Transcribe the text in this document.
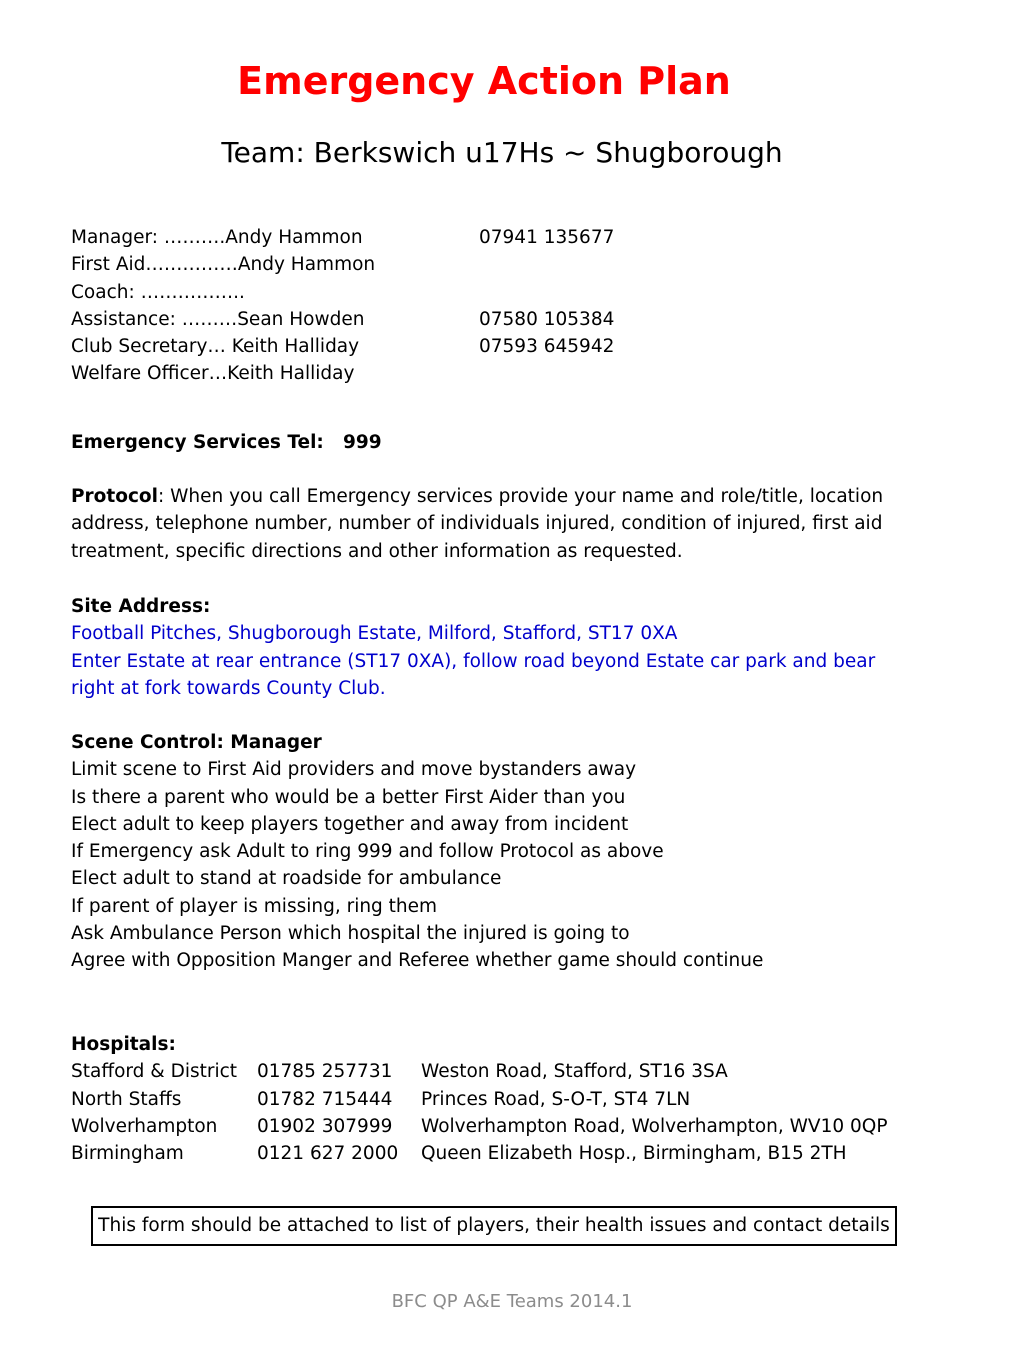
Emergency Action Plan
Team: Berkswich u17Hs ~ Shugborough
Manager: ……….Andy Hammon	07941 135677
First Aid……………Andy Hammon
Coach: ……………..
Assistance: ………Sean Howden	07580 105384
Club Secretary… Keith Halliday	07593 645942
Welfare Officer…Keith Halliday
Emergency Services Tel: 999
Protocol: When you call Emergency services provide your name and role/title, location
address, telephone number, number of individuals injured, condition of injured, first aid
treatment, specific directions and other information as requested.
Site Address:
Football Pitches, Shugborough Estate, Milford, Stafford, ST17 0XA
Enter Estate at rear entrance (ST17 0XA), follow road beyond Estate car park and bear
right at fork towards County Club.
Scene Control: Manager
Limit scene to First Aid providers and move bystanders away
Is there a parent who would be a better First Aider than you
Elect adult to keep players together and away from incident
If Emergency ask Adult to ring 999 and follow Protocol as above
Elect adult to stand at roadside for ambulance
If parent of player is missing, ring them
Ask Ambulance Person which hospital the injured is going to
Agree with Opposition Manger and Referee whether game should continue
Hospitals:
Stafford & District 01785 257731 Weston Road, Stafford, ST16 3SA
North Staffs	01782 715444 Princes Road, S-O-T, ST4 7LN
Wolverhampton 01902 307999 Wolverhampton Road, Wolverhampton, WV10 0QP
Birmingham	0121 627 2000 Queen Elizabeth Hosp., Birmingham, B15 2TH
This form should be attached to list of players, their health issues and contact details
BFC QP A&E Teams 2014.1
